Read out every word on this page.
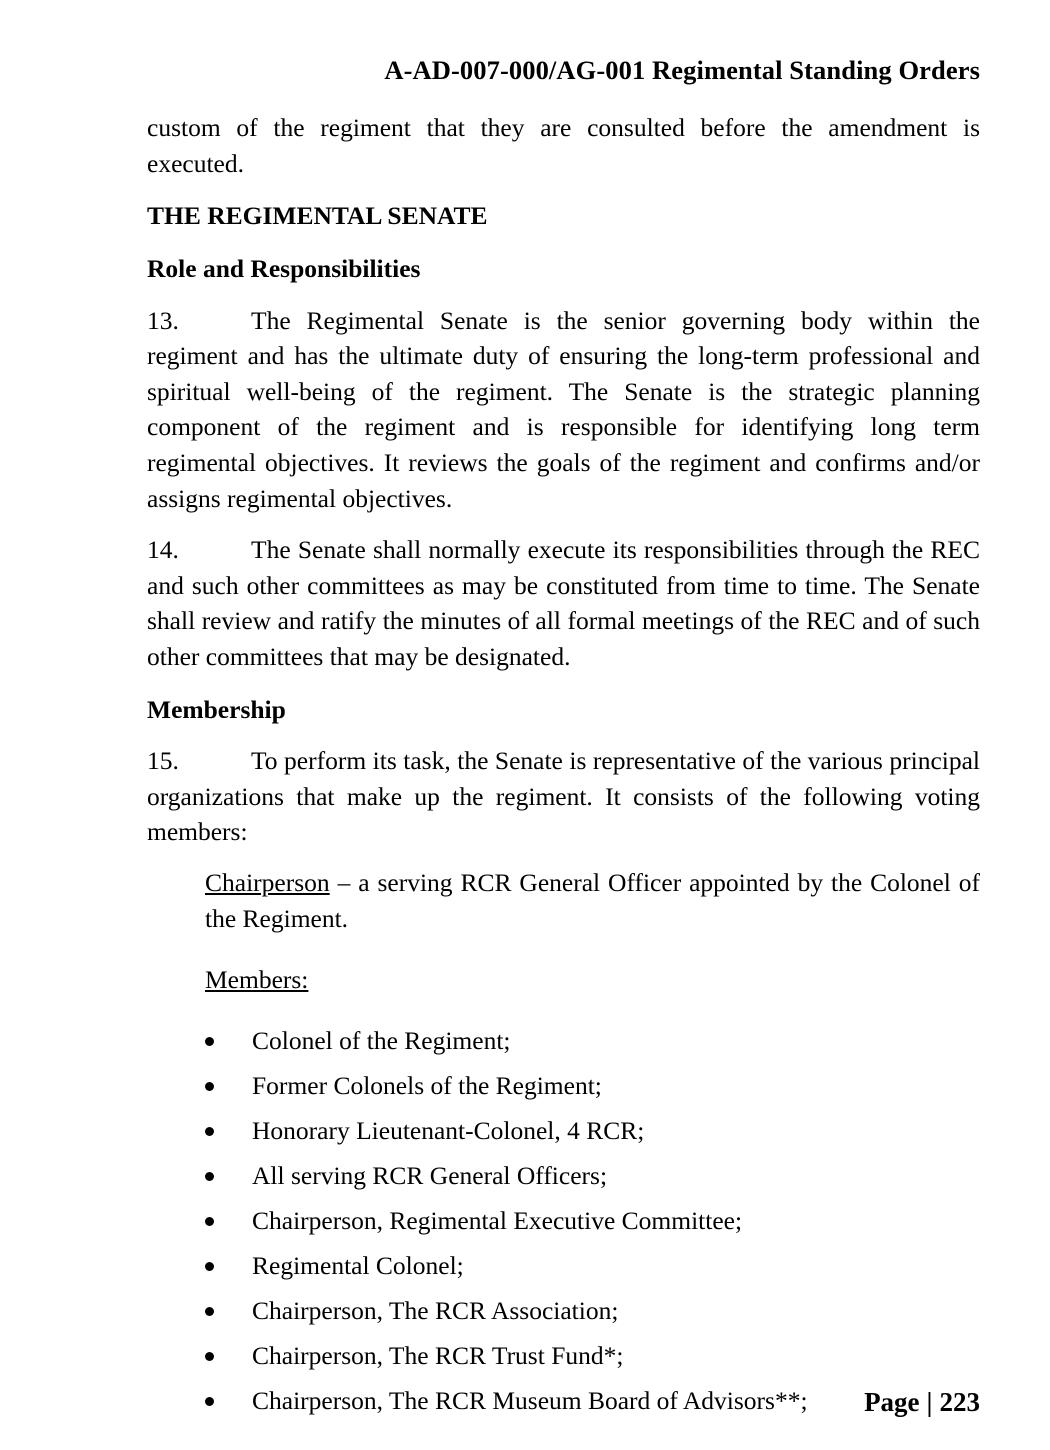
A-AD-007-000/AG-001 Regimental Standing Orders

custom of the regiment that they are consulted before the amendment is executed.

THE REGIMENTAL SENATE

Role and Responsibilities

13.	The Regimental Senate is the senior governing body within the regiment and has the ultimate duty of ensuring the long-term professional and spiritual well-being of the regiment. The Senate is the strategic planning component of the regiment and is responsible for identifying long term regimental objectives. It reviews the goals of the regiment and confirms and/or assigns regimental objectives.

14.	The Senate shall normally execute its responsibilities through the REC and such other committees as may be constituted from time to time. The Senate shall review and ratify the minutes of all formal meetings of the REC and of such other committees that may be designated.

Membership

15.	To perform its task, the Senate is representative of the various principal organizations that make up the regiment. It consists of the following voting members:

Chairperson – a serving RCR General Officer appointed by the Colonel of the Regiment.

Members:

Colonel of the Regiment;
Former Colonels of the Regiment;
Honorary Lieutenant-Colonel, 4 RCR;
All serving RCR General Officers;
Chairperson, Regimental Executive Committee;
Regimental Colonel;
Chairperson, The RCR Association;
Chairperson, The RCR Trust Fund*;
Chairperson, The RCR Museum Board of Advisors**;	Page | 223
